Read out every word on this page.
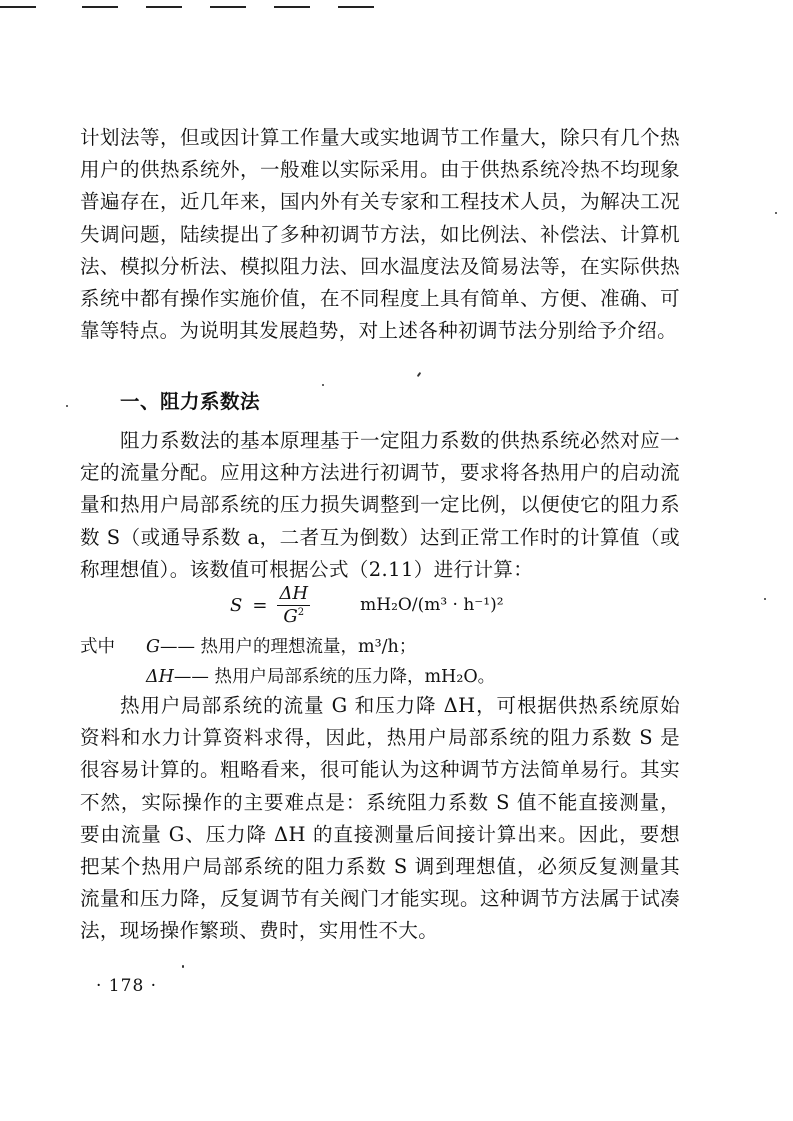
计划法等，但或因计算工作量大或实地调节工作量大，除只有几个热用户的供热系统外，一般难以实际采用。由于供热系统冷热不均现象普遍存在，近几年来，国内外有关专家和工程技术人员，为解决工况失调问题，陆续提出了多种初调节方法，如比例法、补偿法、计算机法、模拟分析法、模拟阻力法、回水温度法及简易法等，在实际供热系统中都有操作实施价值，在不同程度上具有简单、方便、准确、可靠等特点。为说明其发展趋势，对上述各种初调节法分别给予介绍。

一、阻力系数法

阻力系数法的基本原理基于一定阻力系数的供热系统必然对应一定的流量分配。应用这种方法进行初调节，要求将各热用户的启动流量和热用户局部系统的压力损失调整到一定比例，以便使它的阻力系数 S（或通导系数 a，二者互为倒数）达到正常工作时的计算值（或称理想值）。该数值可根据公式（2.11）进行计算：

$S = \frac{\Delta H}{G^2}$	mH₂O/(m³ · h⁻¹)²
式中 G—— 热用户的理想流量，m³/h；
ΔH—— 热用户局部系统的压力降，mH₂O。

热用户局部系统的流量 G 和压力降 ΔH，可根据供热系统原始资料和水力计算资料求得，因此，热用户局部系统的阻力系数 S 是很容易计算的。粗略看来，很可能认为这种调节方法简单易行。其实不然，实际操作的主要难点是：系统阻力系数 S 值不能直接测量，要由流量 G、压力降 ΔH 的直接测量后间接计算出来。因此，要想把某个热用户局部系统的阻力系数 S 调到理想值，必须反复测量其流量和压力降，反复调节有关阀门才能实现。这种调节方法属于试凑法，现场操作繁琐、费时，实用性不大。

· 178 ·
